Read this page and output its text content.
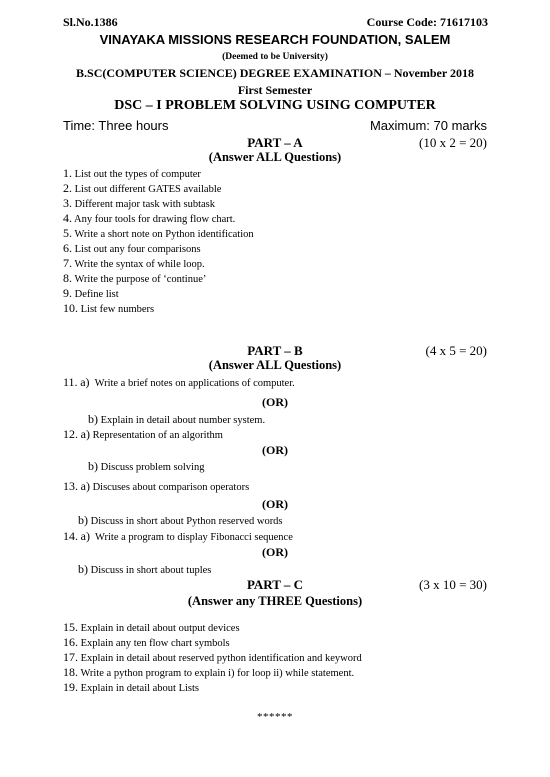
Sl.No.1386	Course Code: 71617103
VINAYAKA MISSIONS RESEARCH FOUNDATION, SALEM
(Deemed to be University)
B.SC(COMPUTER SCIENCE) DEGREE EXAMINATION – November 2018
First Semester
DSC – I PROBLEM SOLVING USING COMPUTER
Time: Three hours	Maximum: 70 marks
PART – A	(10 x 2 = 20)
(Answer ALL Questions)
1. List out the types of computer
2. List out different GATES available
3. Different major task with subtask
4. Any four tools for drawing flow chart.
5. Write a short note on Python identification
6. List out any four comparisons
7. Write the syntax of while loop.
8. Write the purpose of ‘continue’
9. Define list
10. List few numbers
PART – B	(4 x 5 = 20)
(Answer ALL Questions)
11. a) Write a brief notes on applications of computer.
(OR)
b) Explain in detail about number system.
12. a) Representation of an algorithm
(OR)
b) Discuss problem solving
13. a) Discuses about comparison operators
(OR)
b) Discuss in short about Python reserved words
14. a) Write a program to display Fibonacci sequence
(OR)
b) Discuss in short about tuples
PART – C	(3 x 10 = 30)
(Answer any THREE Questions)
15. Explain in detail about output devices
16. Explain any ten flow chart symbols
17. Explain in detail about reserved python identification and keyword
18. Write a python program to explain i) for loop ii) while statement.
19. Explain in detail about Lists
******
